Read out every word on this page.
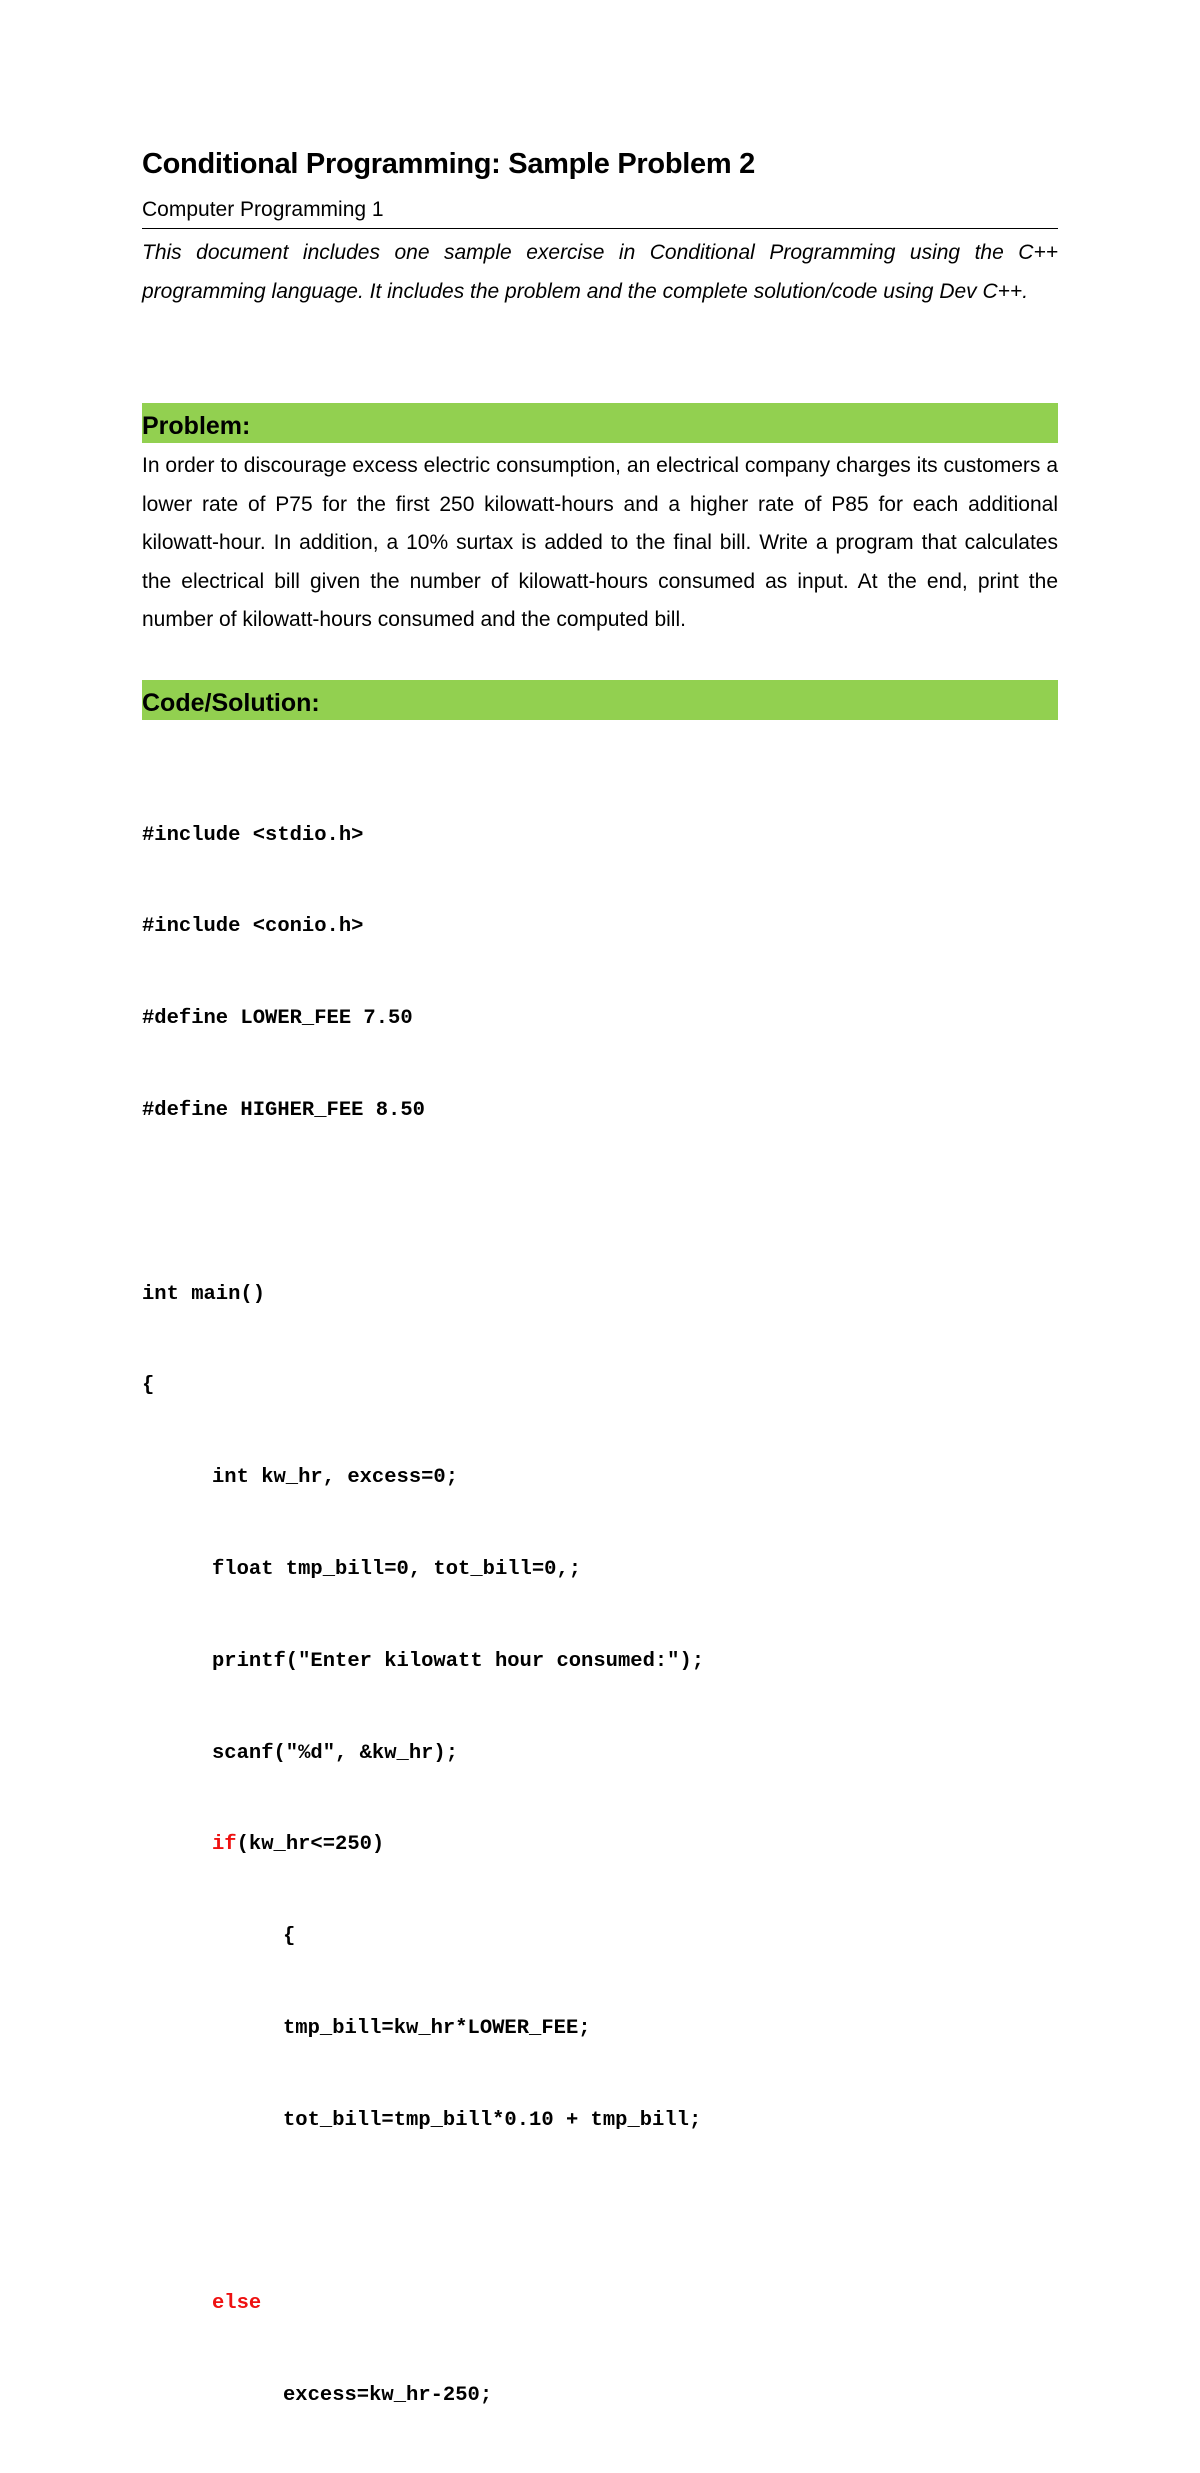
Conditional Programming: Sample Problem 2
Computer Programming 1
This document includes one sample exercise in Conditional Programming using the C++ programming language. It includes the problem and the complete solution/code using Dev C++.
Problem:
In order to discourage excess electric consumption, an electrical company charges its customers a lower rate of P75 for the first 250 kilowatt-hours and a higher rate of P85 for each additional kilowatt-hour. In addition, a 10% surtax is added to the final bill. Write a program that calculates the electrical bill given the number of kilowatt-hours consumed as input. At the end, print the number of kilowatt-hours consumed and the computed bill.
Code/Solution:

#include <stdio.h>

#include <conio.h>

#define LOWER_FEE 7.50

#define HIGHER_FEE 8.50

int main()

{

int kw_hr, excess=0;

float tmp_bill=0, tot_bill=0,;

printf("Enter kilowatt hour consumed:");

scanf("%d", &kw_hr);

if(kw_hr<=250)

{

tmp_bill=kw_hr*LOWER_FEE;

tot_bill=tmp_bill*0.10 + tmp_bill;

else

excess=kw_hr-250;
